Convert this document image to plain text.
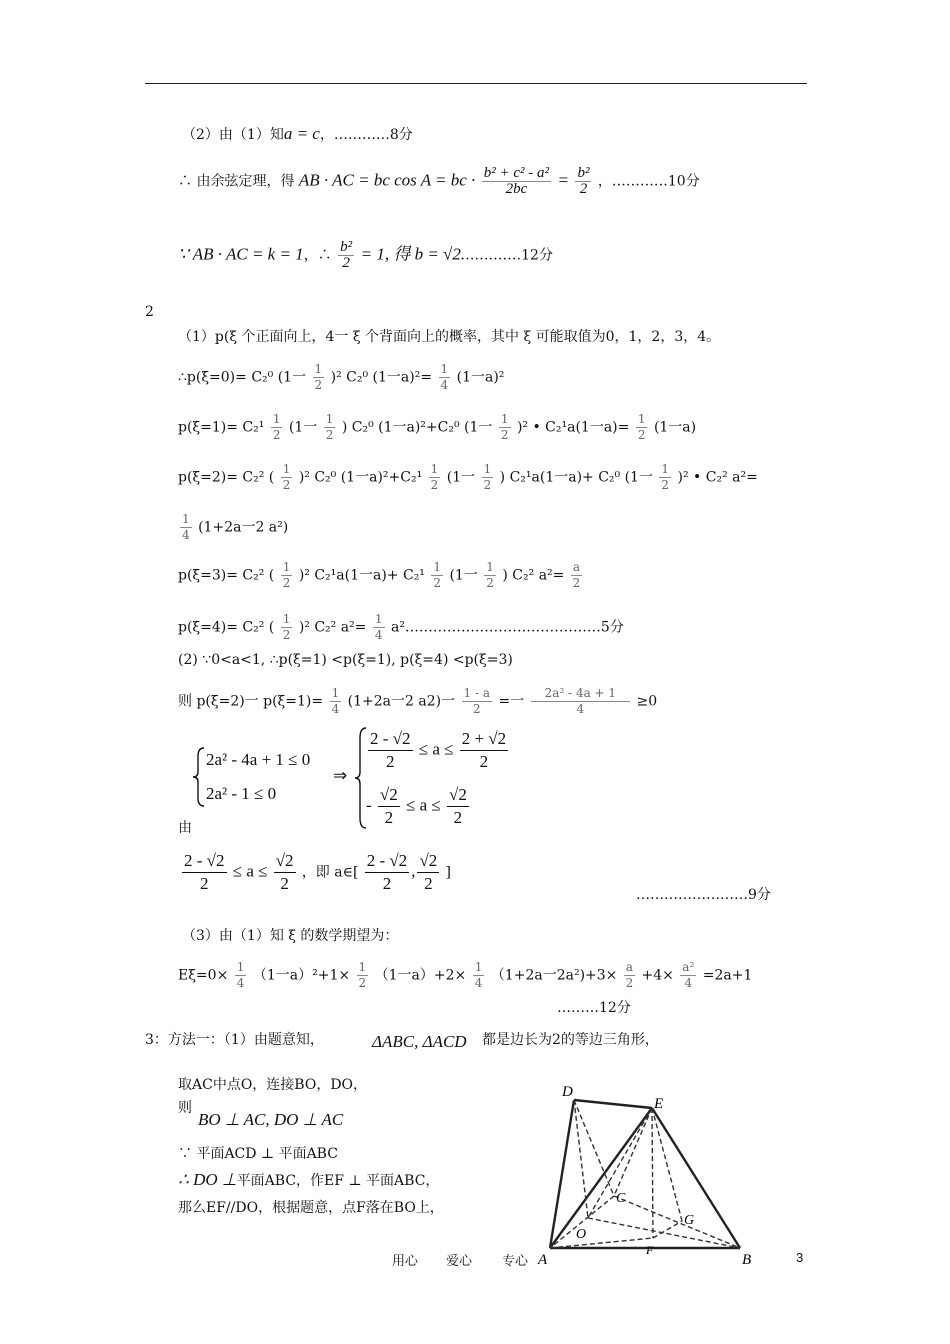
（2）由（1）知a = c，…………8分
∴ 由余弦定理，得 AB · AC = bc cos A = bc · $\frac{\text{b² + c² - a²}}{2bc} = \frac{\text{b²}}{2}$ ，…………10分
∵ AB · AC = k = 1，∴ $\frac{\text{b²}}{2} = 1$, 得 b = √2.…………12分
2
（1）p(ξ 个正面向上，4一 ξ 个背面向上的概率，其中 ξ 可能取值为0，1，2，3，4。
∴p(ξ=0)= C₂⁰ (1一 $\frac{1}{2} )^2$ C₂⁰ (1一$a)^2= \frac{1}{4} (1$一a)²
$p(\xi=1)= C_2^1 \frac{1}{2} (1$一 $\frac{1}{2}$ ) C₂⁰ (1一a)²+C₂⁰ (1一 $\frac{1}{2} )^2$ • C₂¹a(1一$a)= \frac{1}{2} (1$一a)
p(ξ=2)= C₂² ( $\frac{1}{2} )^2$ C₂⁰ (1一$a)^2+C_2^1 \frac{1}{2} (1$一 $\frac{1}{2}$ ) C₂¹a(1一a)+ C₂⁰ (1一 $\frac{1}{2} )^2$ • C₂² a²=
$\frac{1}{4} (1+2a$一2 a²)
p(ξ=3)= C₂² ( $\frac{1}{2} )^2$ C₂¹a(1一$a)+ C_2^1 \frac{1}{2} (1$一 $\frac{1}{2}$ ) C₂² $a^2= \frac{a}{2}$
p(ξ=4)= C₂² ( $\frac{1}{2} )^2$ C₂² $a^2= \frac{1}{4}$ a²……………………………………5分
(2) ∵0<a<1, ∴p(ξ=1) <p(ξ=1), p(ξ=4) <p(ξ=3)
则 p(ξ=2)一 $p(\xi=1)= \frac{1}{4} (1+2a$一2 a2)一 $\frac{1 - a}{2}$ =一 $\frac{\text{2a² - 4a + 1}}{4} \ge 0$
2a² - 4a + 1 ≤ 0
2a² - 1 ≤ 0
⇒
$\frac{2 - √2}{2} \le a \le \frac{2 + √2}{2}$
- $\frac{√2}{2} \le a \le \frac{√2}{2}$
由
$\frac{2 - √2}{2} \le a \le \frac{√2}{2}$ ，即 a∈[ $\frac{2 - √2}{2}$ , $\frac{√2}{2}$ ]
……………………9分
（3）由（1）知 ξ 的数学期望为：
$E\xi=0\times \frac{1}{4} (1$一$a)^2+1\times \frac{1}{2} (1$一$a)+2\times \frac{1}{4} (1+2a$一$2a^2)+3\times \frac{a}{2} +4\times \frac{\text{a²}}{4} =2a+1$
………12分
3：方法一：（1）由题意知，	ΔABC, ΔACD 都是边长为2的等边三角形，
取AC中点O，连接BO，DO，
则
BO ⊥ AC, DO ⊥ AC
∵ 平面ACD ⊥ 平面ABC
∴ DO ⊥平面ABC，作EF ⊥ 平面ABC，
那么EF//DO，根据题意，点F落在BO上，
D
E
C
G
O
F
A	B
用心 爱心 专心	3
